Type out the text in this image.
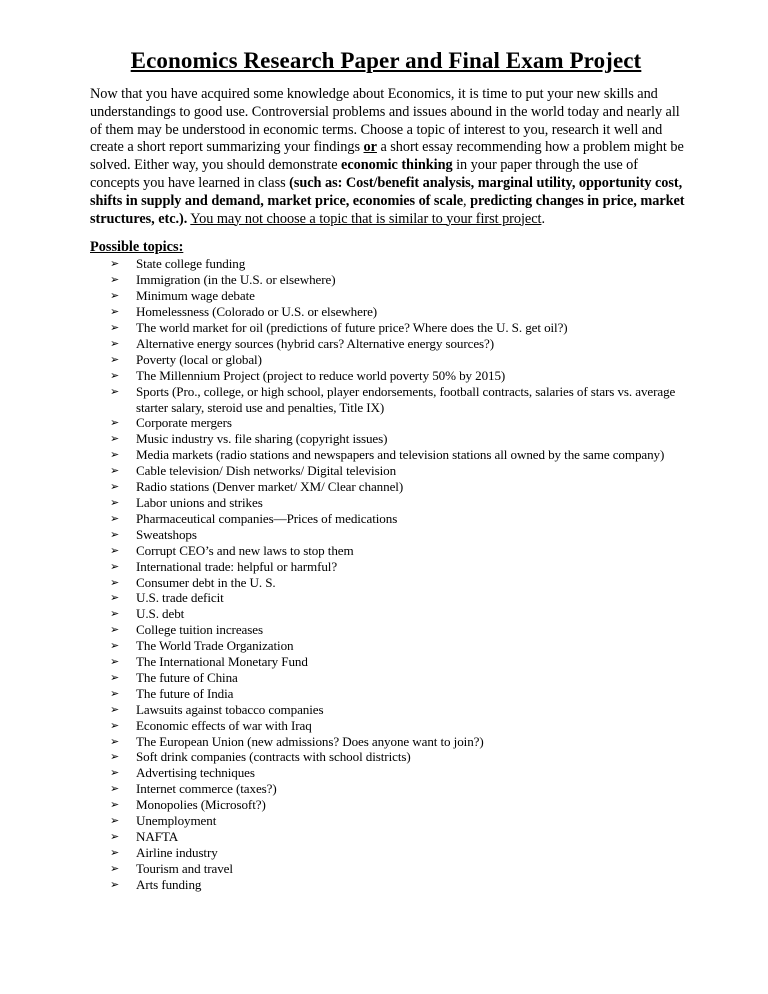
Economics Research Paper and Final Exam Project

Now that you have acquired some knowledge about Economics, it is time to put your new skills and understandings to good use. Controversial problems and issues abound in the world today and nearly all of them may be understood in economic terms. Choose a topic of interest to you, research it well and create a short report summarizing your findings or a short essay recommending how a problem might be solved. Either way, you should demonstrate economic thinking in your paper through the use of concepts you have learned in class (such as: Cost/benefit analysis, marginal utility, opportunity cost, shifts in supply and demand, market price, economies of scale, predicting changes in price, market structures, etc.). You may not choose a topic that is similar to your first project.

Possible topics:
➢ State college funding
➢ Immigration (in the U.S. or elsewhere)
➢ Minimum wage debate
➢ Homelessness (Colorado or U.S. or elsewhere)
➢ The world market for oil (predictions of future price? Where does the U. S. get oil?)
➢ Alternative energy sources (hybrid cars? Alternative energy sources?)
➢ Poverty (local or global)
➢ The Millennium Project (project to reduce world poverty 50% by 2015)
➢ Sports (Pro., college, or high school, player endorsements, football contracts, salaries of stars vs. average starter salary, steroid use and penalties, Title IX)
➢ Corporate mergers
➢ Music industry vs. file sharing (copyright issues)
➢ Media markets (radio stations and newspapers and television stations all owned by the same company)
➢ Cable television/ Dish networks/ Digital television
➢ Radio stations (Denver market/ XM/ Clear channel)
➢ Labor unions and strikes
➢ Pharmaceutical companies—Prices of medications
➢ Sweatshops
➢ Corrupt CEO’s and new laws to stop them
➢ International trade: helpful or harmful?
➢ Consumer debt in the U. S.
➢ U.S. trade deficit
➢ U.S. debt
➢ College tuition increases
➢ The World Trade Organization
➢ The International Monetary Fund
➢ The future of China
➢ The future of India
➢ Lawsuits against tobacco companies
➢ Economic effects of war with Iraq
➢ The European Union (new admissions? Does anyone want to join?)
➢ Soft drink companies (contracts with school districts)
➢ Advertising techniques
➢ Internet commerce (taxes?)
➢ Monopolies (Microsoft?)
➢ Unemployment
➢ NAFTA
➢ Airline industry
➢ Tourism and travel
➢ Arts funding
